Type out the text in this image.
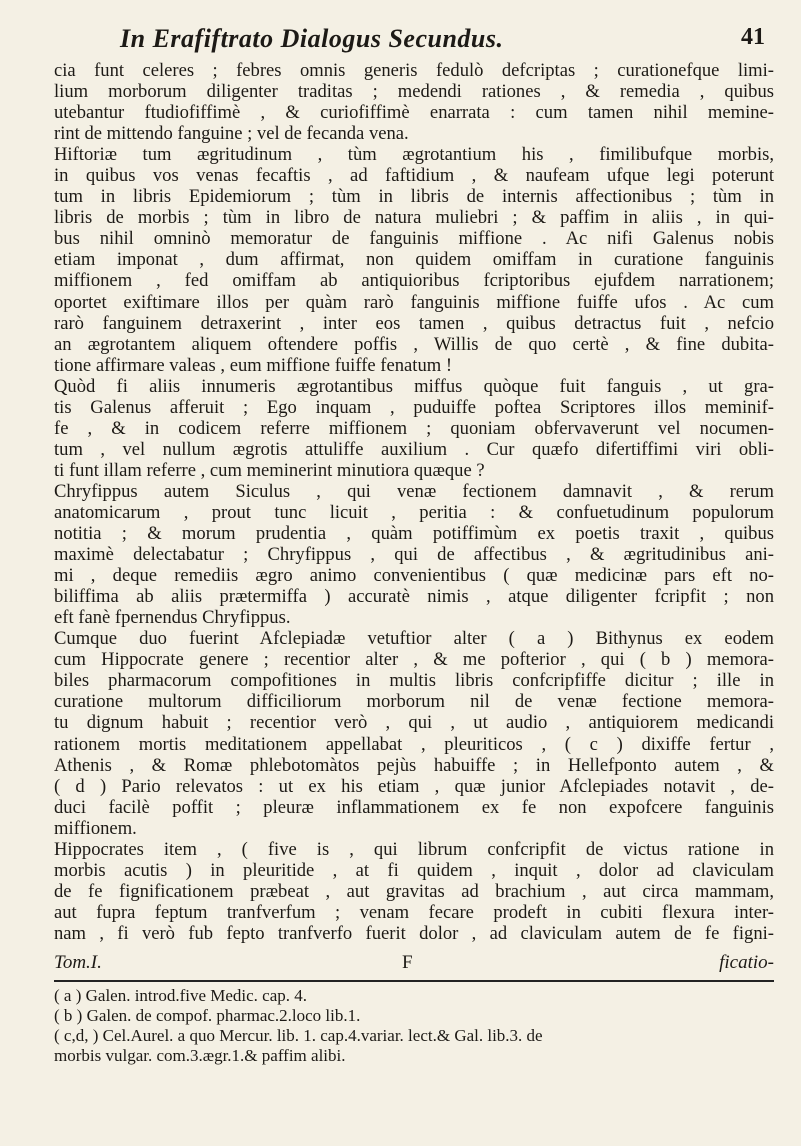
In Erafiftrato Dialogus Secundus.	41
cia funt celeres ; febres omnis generis fedulò defcriptas ; curationefque limi-
lium morborum diligenter traditas ; medendi rationes , & remedia , quibus
utebantur ftudiofiffimè , & curiofiffimè enarrata : cum tamen nihil memine-
rint de mittendo fanguine ; vel de fecanda vena.
Hiftoriæ tum ægritudinum , tùm ægrotantium his , fimilibufque morbis,
in quibus vos venas fecaftis , ad faftidium , & naufeam ufque legi poterunt
tum in libris Epidemiorum ; tùm in libris de internis affectionibus ; tùm in
libris de morbis ; tùm in libro de natura muliebri ; & paffim in aliis , in qui-
bus nihil omninò memoratur de fanguinis miffione . Ac nifi Galenus nobis
etiam imponat , dum affirmat, non quidem omiffam in curatione fanguinis
miffionem , fed omiffam ab antiquioribus fcriptoribus ejufdem narrationem;
oportet exiftimare illos per quàm rarò fanguinis miffione fuiffe ufos . Ac cum
rarò fanguinem detraxerint , inter eos tamen , quibus detractus fuit , nefcio
an ægrotantem aliquem oftendere poffis , Willis de quo certè , & fine dubita-
tione affirmare valeas , eum miffione fuiffe fenatum !
Quòd fi aliis innumeris ægrotantibus miffus quòque fuit fanguis , ut gra-
tis Galenus afferuit ; Ego inquam , puduiffe poftea Scriptores illos meminif-
fe , & in codicem referre miffionem ; quoniam obfervaverunt vel nocumen-
tum , vel nullum ægrotis attuliffe auxilium . Cur quæfo difertiffimi viri obli-
ti funt illam referre , cum meminerint minutiora quæque ?
Chryfippus autem Siculus , qui venæ fectionem damnavit , & rerum
anatomicarum , prout tunc licuit , peritia : & confuetudinum populorum
notitia ; & morum prudentia , quàm potiffimùm ex poetis traxit , quibus
maximè delectabatur ; Chryfippus , qui de affectibus , & ægritudinibus ani-
mi , deque remediis ægro animo convenientibus ( quæ medicinæ pars eft no-
biliffima ab aliis prætermiffa ) accuratè nimis , atque diligenter fcripfit ; non
eft fanè fpernendus Chryfippus.
Cumque duo fuerint Afclepiadæ vetuftior alter ( a ) Bithynus ex eodem
cum Hippocrate genere ; recentior alter , & me pofterior , qui ( b ) memora-
biles pharmacorum compofitiones in multis libris confcripfiffe dicitur ; ille in
curatione multorum difficiliorum morborum nil de venæ fectione memora-
tu dignum habuit ; recentior verò , qui , ut audio , antiquiorem medicandi
rationem mortis meditationem appellabat , pleuriticos , ( c ) dixiffe fertur ,
Athenis , & Romæ phlebotomàtos pejùs habuiffe ; in Hellefponto autem , &
( d ) Pario relevatos : ut ex his etiam , quæ junior Afclepiades notavit , de-
duci facilè poffit ; pleuræ inflammationem ex fe non expofcere fanguinis
miffionem.
Hippocrates item , ( five is , qui librum confcripfit de victus ratione in
morbis acutis ) in pleuritide , at fi quidem , inquit , dolor ad claviculam
de fe fignificationem præbeat , aut gravitas ad brachium , aut circa mammam,
aut fupra feptum tranfverfum ; venam fecare prodeft in cubiti flexura inter-
nam , fi verò fub fepto tranfverfo fuerit dolor , ad claviculam autem de fe figni-
Tom.I.	F	ficatio-
( a ) Galen. introd.five Medic. cap. 4.
( b ) Galen. de compof. pharmac.2.loco lib.1.
( c,d, ) Cel.Aurel. a quo Mercur. lib. 1. cap.4.variar. lect.& Gal. lib.3. de
morbis vulgar. com.3.ægr.1.& paffim alibi.
